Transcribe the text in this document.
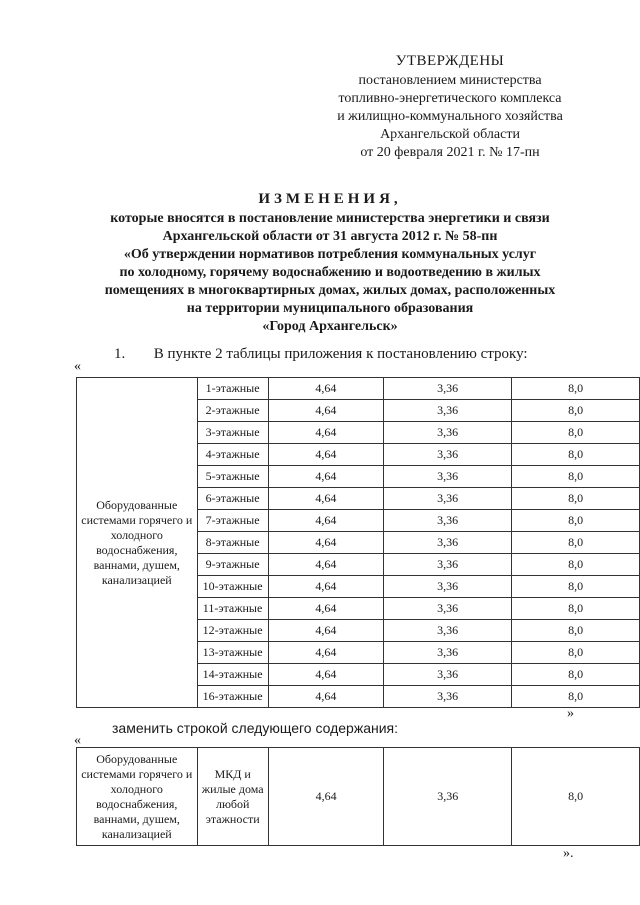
УТВЕРЖДЕНЫ
постановлением министерства
топливно-энергетического комплекса
и жилищно-коммунального хозяйства
Архангельской области
от 20 февраля 2021 г. № 17-пн
ИЗМЕНЕНИЯ,
которые вносятся в постановление министерства энергетики и связи
Архангельской области от 31 августа 2012 г. № 58-пн
«Об утверждении нормативов потребления коммунальных услуг
по холодному, горячему водоснабжению и водоотведению в жилых
помещениях в многоквартирных домах, жилых домах, расположенных
на территории муниципального образования
«Город Архангельск»
1. В пункте 2 таблицы приложения к постановлению строку:
«
Оборудованные системами горячего и холодного водоснабжения, ваннами, душем, канализацией	1-этажные	4,64	3,36	8,0
	2-этажные	4,64	3,36	8,0
	3-этажные	4,64	3,36	8,0
	4-этажные	4,64	3,36	8,0
	5-этажные	4,64	3,36	8,0
	6-этажные	4,64	3,36	8,0
	7-этажные	4,64	3,36	8,0
	8-этажные	4,64	3,36	8,0
	9-этажные	4,64	3,36	8,0
	10-этажные	4,64	3,36	8,0
	11-этажные	4,64	3,36	8,0
	12-этажные	4,64	3,36	8,0
	13-этажные	4,64	3,36	8,0
	14-этажные	4,64	3,36	8,0
	16-этажные	4,64	3,36	8,0
»
заменить строкой следующего содержания:
«
Оборудованные системами горячего и холодного водоснабжения, ваннами, душем, канализацией	МКД и жилые дома любой этажности	4,64	3,36	8,0
».
